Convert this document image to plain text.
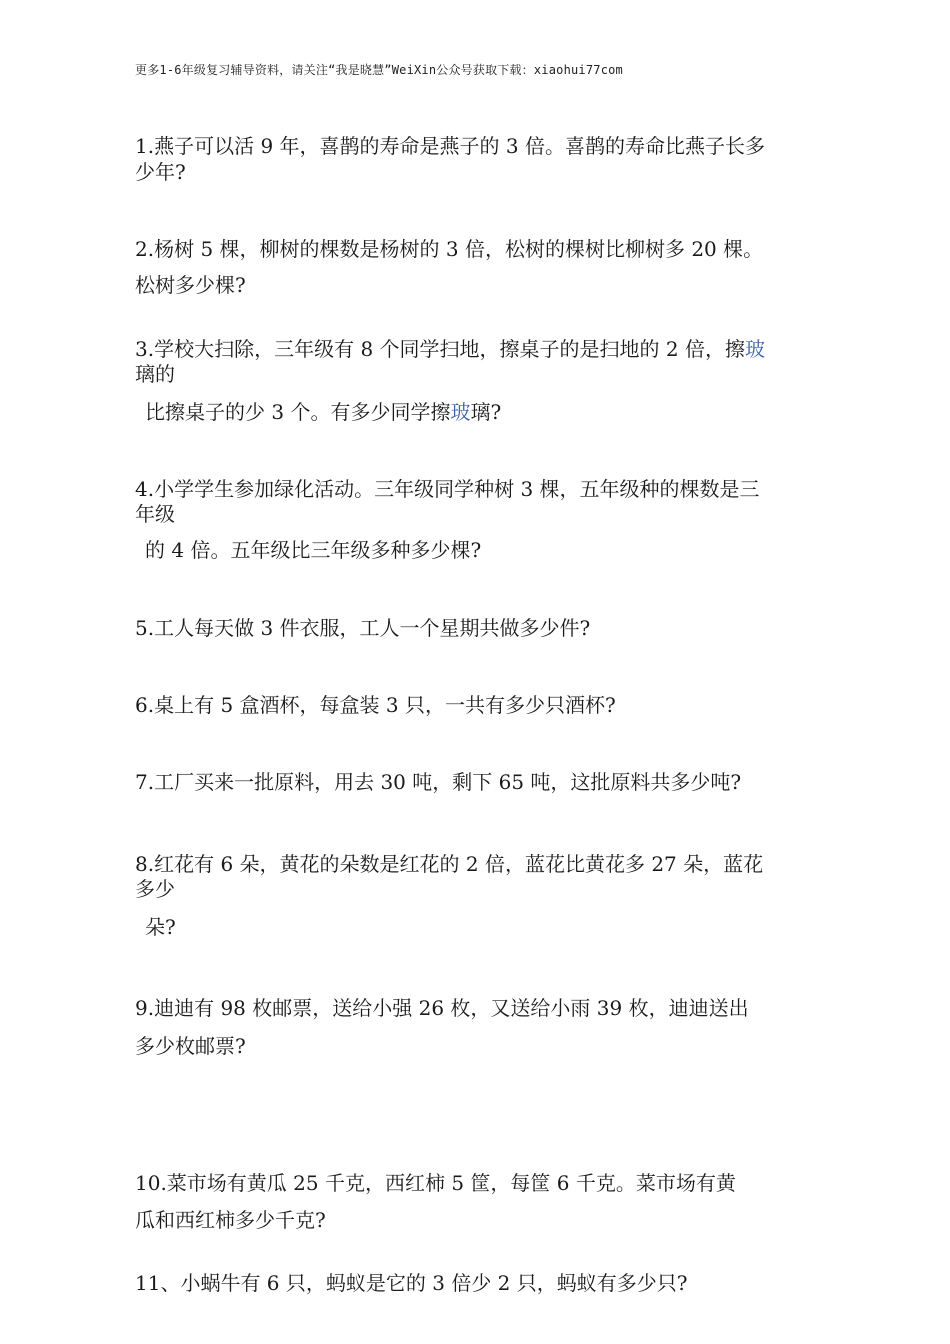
更多1-6年级复习辅导资料，请关注“我是晓慧”WeiXin公众号获取下载：xiaohui77com
1.燕子可以活 9 年，喜鹊的寿命是燕子的 3 倍。喜鹊的寿命比燕子长多
少年?
2.杨树 5 棵，柳树的棵数是杨树的 3 倍，松树的棵树比柳树多 20 棵。
松树多少棵?
3.学校大扫除，三年级有 8 个同学扫地，擦桌子的是扫地的 2 倍，擦玻
璃的
比擦桌子的少 3 个。有多少同学擦玻璃?
4.小学学生参加绿化活动。三年级同学种树 3 棵，五年级种的棵数是三
年级
的 4 倍。五年级比三年级多种多少棵?
5.工人每天做 3 件衣服，工人一个星期共做多少件?
6.桌上有 5 盒酒杯，每盒装 3 只，一共有多少只酒杯?
7.工厂买来一批原料，用去 30 吨，剩下 65 吨，这批原料共多少吨?
8.红花有 6 朵，黄花的朵数是红花的 2 倍，蓝花比黄花多 27 朵，蓝花
多少
朵?
9.迪迪有 98 枚邮票，送给小强 26 枚，又送给小雨 39 枚，迪迪送出
多少枚邮票?
10.菜市场有黄瓜 25 千克，西红柿 5 筐，每筐 6 千克。菜市场有黄
瓜和西红柿多少千克?
11、小蜗牛有 6 只，蚂蚁是它的 3 倍少 2 只，蚂蚁有多少只?
